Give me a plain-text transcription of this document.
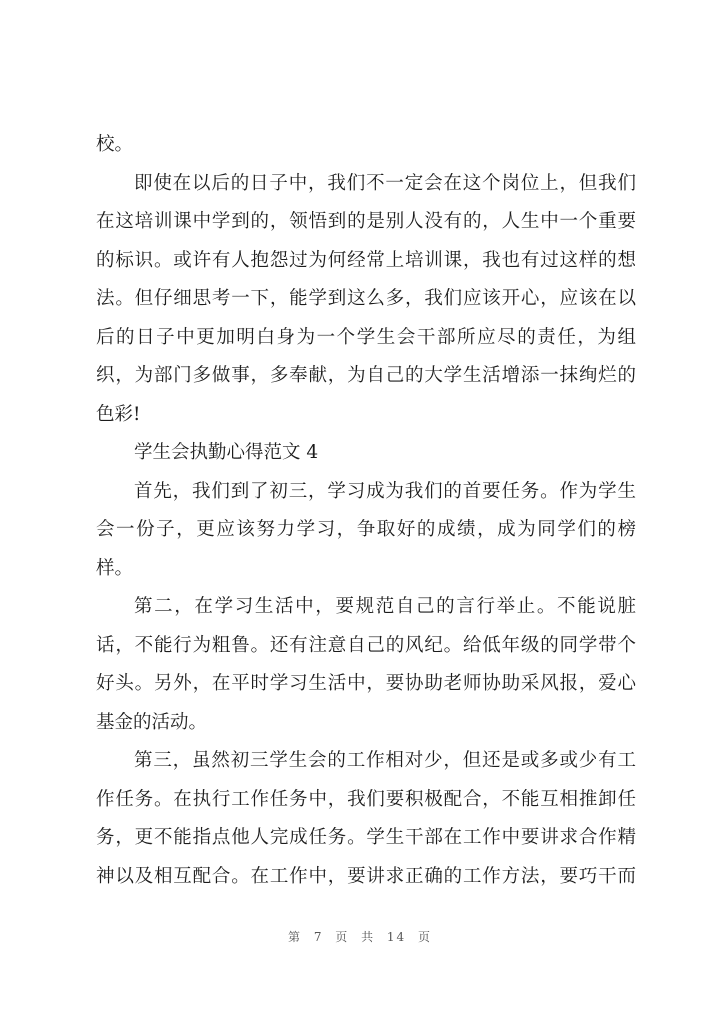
校。
即使在以后的日子中，我们不一定会在这个岗位上，但我们
在这培训课中学到的，领悟到的是别人没有的，人生中一个重要
的标识。或许有人抱怨过为何经常上培训课，我也有过这样的想
法。但仔细思考一下，能学到这么多，我们应该开心，应该在以
后的日子中更加明白身为一个学生会干部所应尽的责任，为组
织，为部门多做事，多奉献，为自己的大学生活增添一抹绚烂的
色彩!
学生会执勤心得范文 4
首先，我们到了初三，学习成为我们的首要任务。作为学生
会一份子，更应该努力学习，争取好的成绩，成为同学们的榜
样。
第二，在学习生活中，要规范自己的言行举止。不能说脏
话，不能行为粗鲁。还有注意自己的风纪。给低年级的同学带个
好头。另外，在平时学习生活中，要协助老师协助采风报，爱心
基金的活动。
第三，虽然初三学生会的工作相对少，但还是或多或少有工
作任务。在执行工作任务中，我们要积极配合，不能互相推卸任
务，更不能指点他人完成任务。学生干部在工作中要讲求合作精
神以及相互配合。在工作中，要讲求正确的工作方法，要巧干而
第 7 页 共 14 页
